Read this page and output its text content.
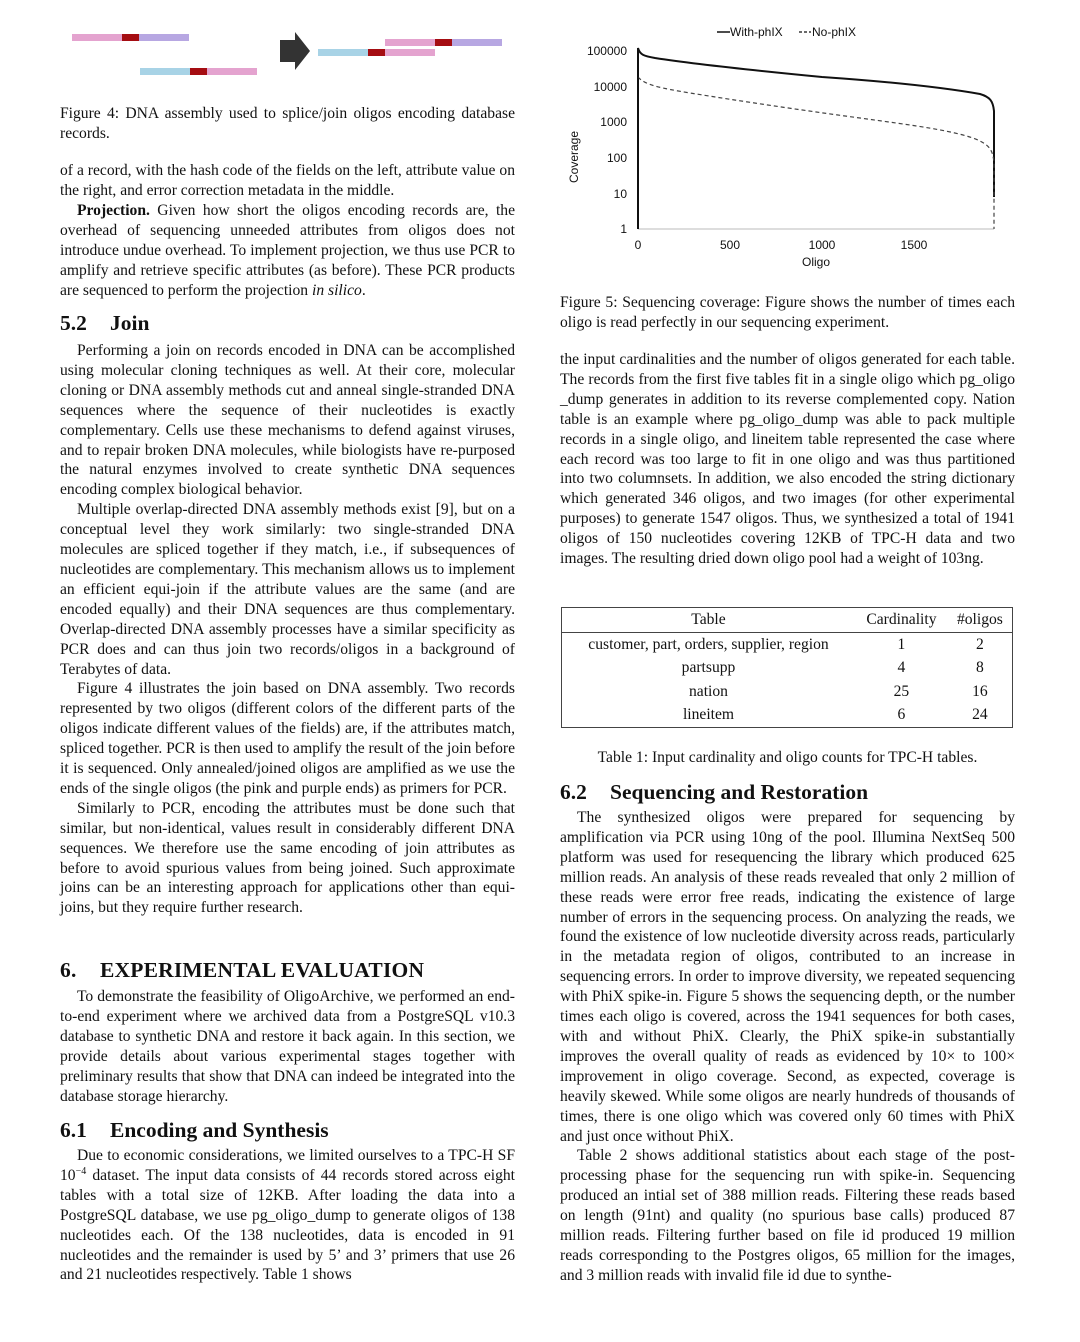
Figure 4: DNA assembly used to splice/join oligos encoding database records.

of a record, with the hash code of the fields on the left, attribute value on the right, and error correction metadata in the middle.

Projection. Given how short the oligos encoding records are, the overhead of sequencing unneeded attributes from oligos does not introduce undue overhead. To implement projection, we thus use PCR to amplify and retrieve specific attributes (as before). These PCR products are sequenced to perform the projection in silico.

5.2 Join

Performing a join on records encoded in DNA can be accomplished using molecular cloning techniques as well. At their core, molecular cloning or DNA assembly methods cut and anneal single-stranded DNA sequences where the sequence of their nucleotides is exactly complementary. Cells use these mechanisms to defend against viruses, and to repair broken DNA molecules, while biologists have re-purposed the natural enzymes involved to create synthetic DNA sequences encoding complex biological behavior.

Multiple overlap-directed DNA assembly methods exist [9], but on a conceptual level they work similarly: two single-stranded DNA molecules are spliced together if they match, i.e., if subsequences of nucleotides are complementary. This mechanism allows us to implement an efficient equi-join if the attribute values are the same (and are encoded equally) and their DNA sequences are thus complementary. Overlap-directed DNA assembly processes have a similar specificity as PCR does and can thus join two records/oligos in a background of Terabytes of data.

Figure 4 illustrates the join based on DNA assembly. Two records represented by two oligos (different colors of the different parts of the oligos indicate different values of the fields) are, if the attributes match, spliced together. PCR is then used to amplify the result of the join before it is sequenced. Only annealed/joined oligos are amplified as we use the ends of the single oligos (the pink and purple ends) as primers for PCR.

Similarly to PCR, encoding the attributes must be done such that similar, but non-identical, values result in considerably different DNA sequences. We therefore use the same encoding of join attributes as before to avoid spurious values from being joined. Such approximate joins can be an interesting approach for applications other than equi-joins, but they require further research.

6. EXPERIMENTAL EVALUATION

To demonstrate the feasibility of OligoArchive, we performed an end-to-end experiment where we archived data from a PostgreSQL v10.3 database to synthetic DNA and restore it back again. In this section, we provide details about various experimental stages together with preliminary results that show that DNA can indeed be integrated into the database storage hierarchy.

6.1 Encoding and Synthesis

Due to economic considerations, we limited ourselves to a TPC-H SF $10^{-4}$ dataset. The input data consists of 44 records stored across eight tables with a total size of 12KB. After loading the data into a PostgreSQL database, we use pg_oligo_dump to generate oligos of 138 nucleotides each. Of the 138 nucleotides, data is encoded in 91 nucleotides and the remainder is used by 5’ and 3’ primers that use 26 and 21 nucleotides respectively. Table 1 shows

With-phIX No-phIX
Coverage
100000
10000
1000
100
10
1
0	500	1000	1500
Oligo

Figure 5: Sequencing coverage: Figure shows the number of times each oligo is read perfectly in our sequencing experiment.

the input cardinalities and the number of oligos generated for each table. The records from the first five tables fit in a single oligo which pg_oligo _dump generates in addition to its reverse complemented copy. Nation table is an example where pg_oligo_dump was able to pack multiple records in a single oligo, and lineitem table represented the case where each record was too large to fit in one oligo and was thus partitioned into two columnsets. In addition, we also encoded the string dictionary which generated 346 oligos, and two images (for other experimental purposes) to generate 1547 oligos. Thus, we synthesized a total of 1941 oligos of 150 nucleotides covering 12KB of TPC-H data and two images. The resulting dried down oligo pool had a weight of 103ng.

Table	Cardinality	#oligos
customer, part, orders, supplier, region	1	2
partsupp	4	8
nation	25	16
lineitem	6	24

Table 1: Input cardinality and oligo counts for TPC-H tables.

6.2 Sequencing and Restoration

The synthesized oligos were prepared for sequencing by amplification via PCR using 10ng of the pool. Illumina NextSeq 500 platform was used for resequencing the library which produced 625 million reads. An analysis of these reads revealed that only 2 million of these reads were error free reads, indicating the existence of large number of errors in the sequencing process. On analyzing the reads, we found the existence of low nucleotide diversity across reads, particularly in the metadata region of oligos, contributed to an increase in sequencing errors. In order to improve diversity, we repeated sequencing with PhiX spike-in. Figure 5 shows the sequencing depth, or the number times each oligo is covered, across the 1941 sequences for both cases, with and without PhiX. Clearly, the PhiX spike-in substantially improves the overall quality of reads as evidenced by 10× to 100× improvement in oligo coverage. Second, as expected, coverage is heavily skewed. While some oligos are nearly hundreds of thousands of times, there is one oligo which was covered only 60 times with PhiX and just once without PhiX.

Table 2 shows additional statistics about each stage of the post-processing phase for the sequencing run with spike-in. Sequencing produced an intial set of 388 million reads. Filtering these reads based on length (91nt) and quality (no spurious base calls) produced 87 million reads. Filtering further based on file id produced 19 million reads corresponding to the Postgres oligos, 65 million for the images, and 3 million reads with invalid file id due to synthe-
